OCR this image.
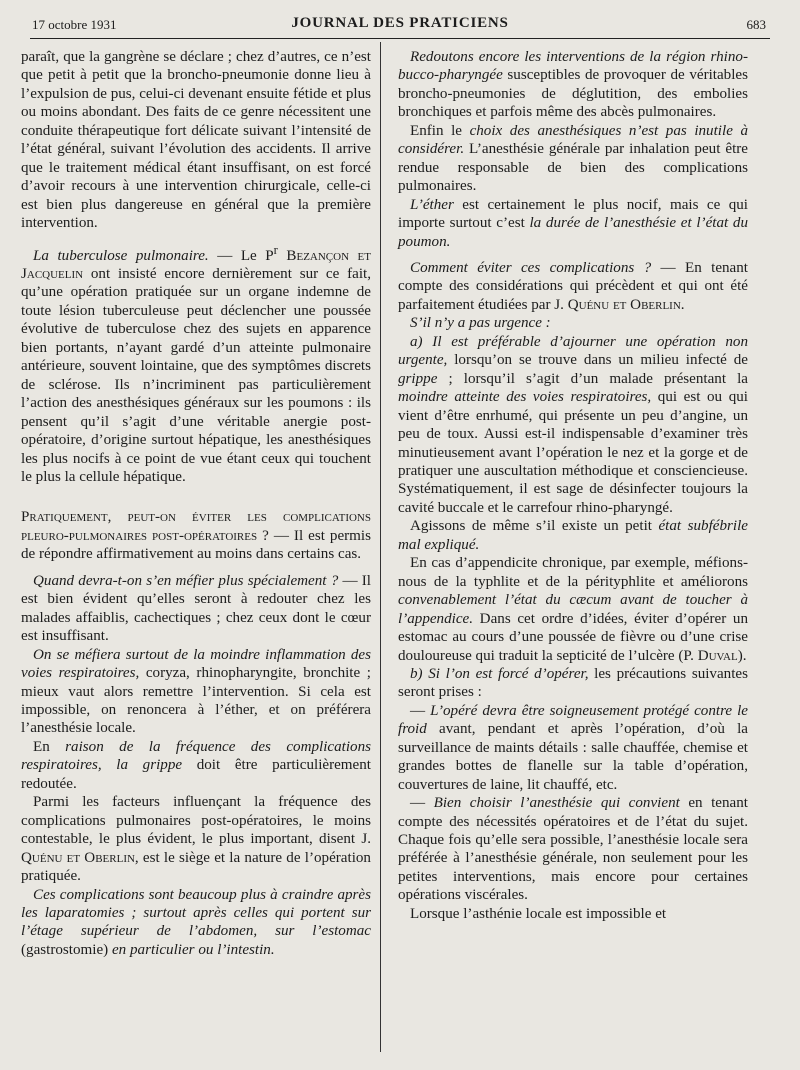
17 octobre 1931	JOURNAL DES PRATICIENS	683

paraît, que la gangrène se déclare ; chez d’autres, ce n’est que petit à petit que la broncho-pneumonie donne lieu à l’expulsion de pus, celui-ci devenant ensuite fétide et plus ou moins abondant. Des faits de ce genre nécessitent une conduite thérapeutique fort délicate suivant l’intensité de l’état général, suivant l’évolution des accidents. Il arrive que le traitement médical étant insuffisant, on est forcé d’avoir recours à une intervention chirurgicale, celle-ci est bien plus dangereuse en général que la première intervention.

La tuberculose pulmonaire. — Le $P^r$ Bezançon et Jacquelin ont insisté encore dernièrement sur ce fait, qu’une opération pratiquée sur un organe indemne de toute lésion tuberculeuse peut déclencher une poussée évolutive de tuberculose chez des sujets en apparence bien portants, n’ayant gardé d’un atteinte pulmonaire antérieure, souvent lointaine, que des symptômes discrets de sclérose. Ils n’incriminent pas particulièrement l’action des anesthésiques généraux sur les poumons : ils pensent qu’il s’agit d’une véritable anergie post-opératoire, d’origine surtout hépatique, les anesthésiques les plus nocifs à ce point de vue étant ceux qui touchent le plus la cellule hépatique.

Pratiquement, peut-on éviter les complications pleuro-pulmonaires post-opératoires ? — Il est permis de répondre affirmativement au moins dans certains cas.

Quand devra-t-on s’en méfier plus spécialement ? — Il est bien évident qu’elles seront à redouter chez les malades affaiblis, cachectiques ; chez ceux dont le cœur est insuffisant.

On se méfiera surtout de la moindre inflammation des voies respiratoires, coryza, rhinopharyngite, bronchite ; mieux vaut alors remettre l’intervention. Si cela est impossible, on renoncera à l’éther, et on préférera l’anesthésie locale.

En raison de la fréquence des complications respiratoires, la grippe doit être particulièrement redoutée.

Parmi les facteurs influençant la fréquence des complications pulmonaires post-opératoires, le moins contestable, le plus évident, le plus important, disent J. Quénu et Oberlin, est le siège et la nature de l’opération pratiquée.

Ces complications sont beaucoup plus à craindre après les laparatomies ; surtout après celles qui portent sur l’étage supérieur de l’abdomen, sur l’estomac (gastrostomie) en particulier ou l’intestin.

Redoutons encore les interventions de la région rhino-bucco-pharyngée susceptibles de provoquer de véritables broncho-pneumonies de déglutition, des embolies bronchiques et parfois même des abcès pulmonaires.

Enfin le choix des anesthésiques n’est pas inutile à considérer. L’anesthésie générale par inhalation peut être rendue responsable de bien des complications pulmonaires.

L’éther est certainement le plus nocif, mais ce qui importe surtout c’est la durée de l’anesthésie et l’état du poumon.

Comment éviter ces complications ? — En tenant compte des considérations qui précèdent et qui ont été parfaitement étudiées par J. Quénu et Oberlin.

S’il n’y a pas urgence :

a) Il est préférable d’ajourner une opération non urgente, lorsqu’on se trouve dans un milieu infecté de grippe ; lorsqu’il s’agit d’un malade présentant la moindre atteinte des voies respiratoires, qui est ou qui vient d’être enrhumé, qui présente un peu d’angine, un peu de toux. Aussi est-il indispensable d’examiner très minutieusement avant l’opération le nez et la gorge et de pratiquer une auscultation méthodique et consciencieuse. Systématiquement, il est sage de désinfecter toujours la cavité buccale et le carrefour rhino-pharyngé.

Agissons de même s’il existe un petit état subfébrile mal expliqué.

En cas d’appendicite chronique, par exemple, méfions-nous de la typhlite et de la pérityphlite et améliorons convenablement l’état du cæcum avant de toucher à l’appendice. Dans cet ordre d’idées, éviter d’opérer un estomac au cours d’une poussée de fièvre ou d’une crise douloureuse qui traduit la septicité de l’ulcère (P. Duval).

b) Si l’on est forcé d’opérer, les précautions suivantes seront prises :

— L’opéré devra être soigneusement protégé contre le froid avant, pendant et après l’opération, d’où la surveillance de maints détails : salle chauffée, chemise et grandes bottes de flanelle sur la table d’opération, couvertures de laine, lit chauffé, etc.

— Bien choisir l’anesthésie qui convient en tenant compte des nécessités opératoires et de l’état du sujet. Chaque fois qu’elle sera possible, l’anesthésie locale sera préférée à l’anesthésie générale, non seulement pour les petites interventions, mais encore pour certaines opérations viscérales.

Lorsque l’asthénie locale est impossible et
